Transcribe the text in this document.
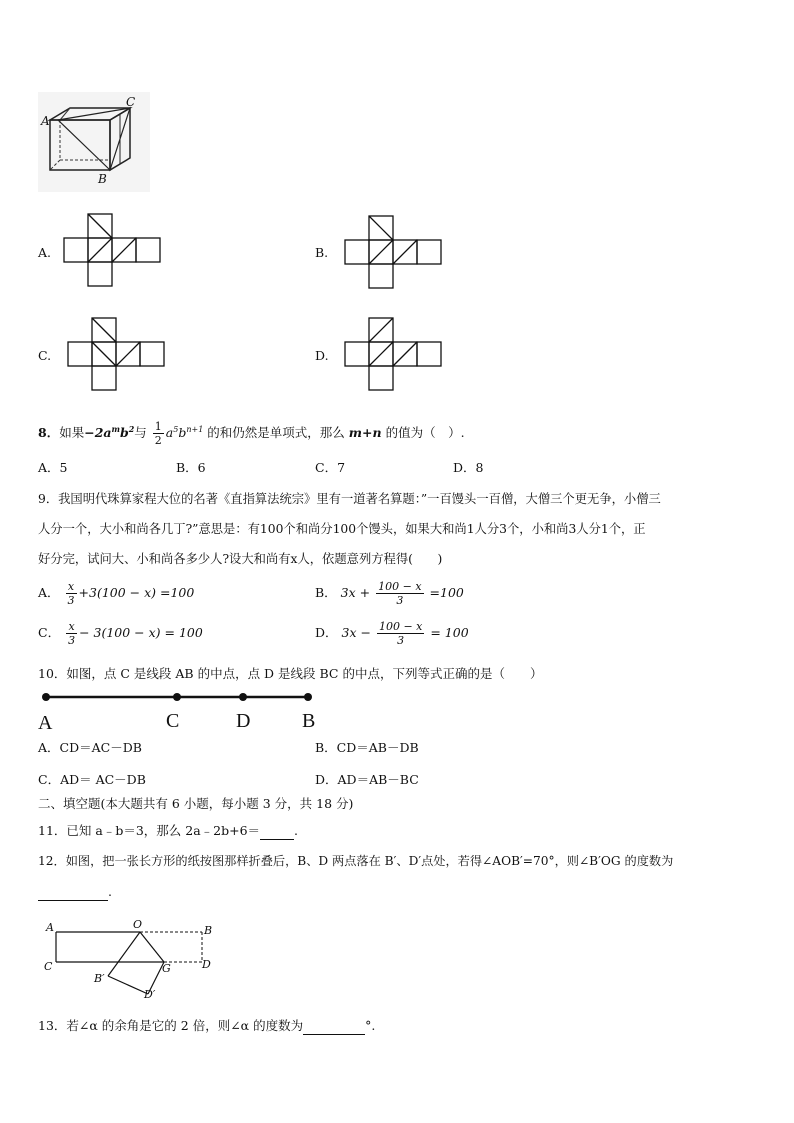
A
C
B
A.	B.
C.	D.
8．如果$-2a^mb^2$与 $\frac{1}{2} a^5b^{n+1}$ 的和仍然是单项式，那么 m+n 的值为（　）.
A．5	B．6	C．7	D．8
9．我国明代珠算家程大位的名著《直指算法统宗》里有一道著名算题：”一百馒头一百僧，大僧三个更无争，小僧三
人分一个，大小和尚各几丁?”意思是：有100个和尚分100个馒头，如果大和尚1人分3个，小和尚3人分1个，正
好分完，试问大、小和尚各多少人?设大和尚有x人，依题意列方程得(　　)
A． $\frac{x}{3} +3(100 - x) =100$	B． $3x + \frac{100 - x}{3} =100$
C． $\frac{x}{3} - 3(100 - x) = 100$	D． $3x - \frac{100 - x}{3} = 100$
10．如图，点 C 是线段 AB 的中点，点 D 是线段 BC 的中点，下列等式正确的是（　　）
A	C	D	B
A．CD＝AC－DB	B．CD＝AB－DB
C．AD＝ AC－DB	D．AD＝AB－BC
二、填空题(本大题共有 6 小题，每小题 3 分，共 18 分)
11．已知 a﹣b＝3，那么 2a﹣2b+6＝	.
12．如图，把一张长方形的纸按图那样折叠后，B、D 两点落在 B′、D′点处，若得∠AOB′=70°，则∠B′OG 的度数为
.
A	O	B
C	G	D
B′
D′
13．若∠α 的余角是它的 2 倍，则∠α 的度数为	°.
